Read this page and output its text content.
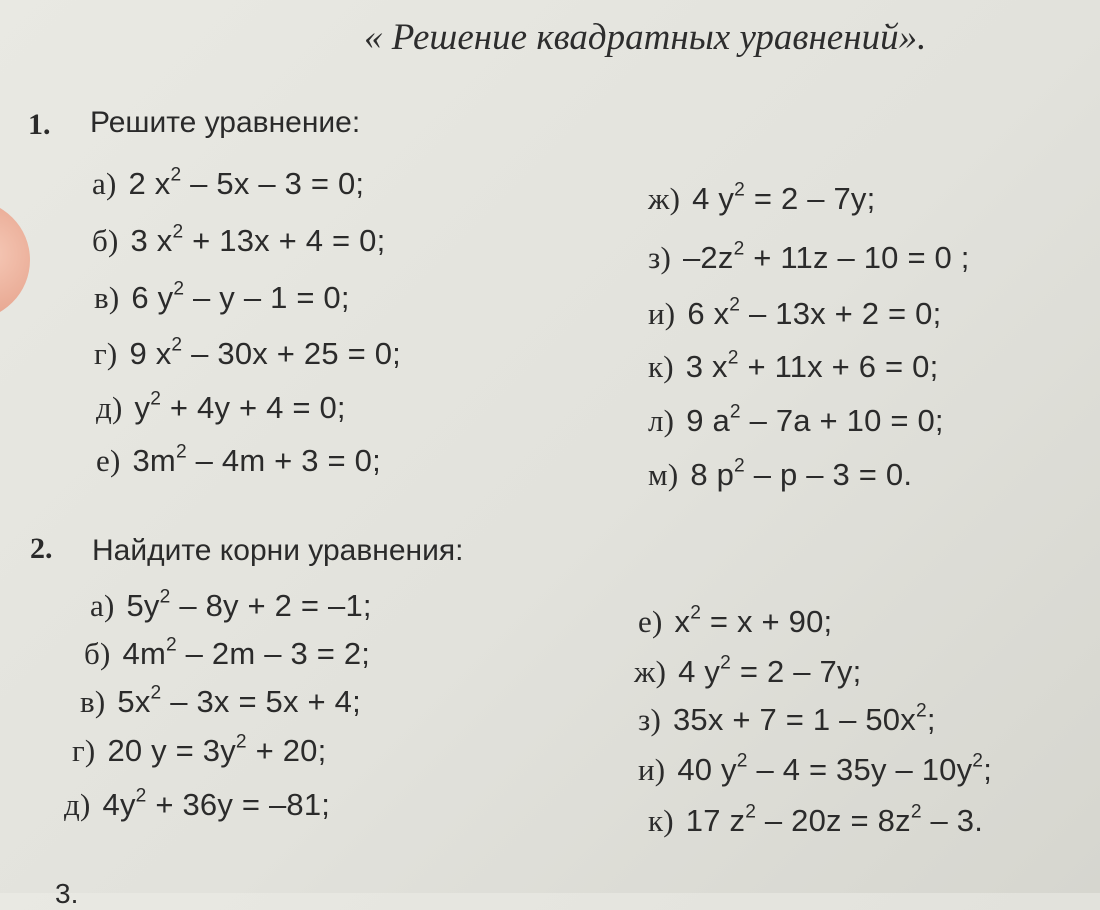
« Решение квадратных уравнений».
1. Решите уравнение:
а) 2 $x^2 - 5x - 3 = 0$;
б) 3 $x^2 + 13x + 4 = 0$;
в) 6 $y^2 - y - 1 = 0$;
г) 9 $x^2 - 30x + 25 = 0$;
д) $y^2 + 4y + 4 = 0$;
е) $3m^2 - 4m + 3 = 0$;
ж) 4 $y^2 = 2 - 7y$;
з) $-2z^2 + 11z - 10 = 0$ ;
и) 6 $x^2 - 13x + 2 = 0$;
к) 3 $x^2 + 11x + 6 = 0$;
л) 9 $a^2 - 7a + 10 = 0$;
м) 8 $p^2 - p - 3 = 0$.
2. Найдите корни уравнения:
а) $5y^2 - 8y + 2 = -1$;
б) $4m^2 - 2m - 3 = 2$;
в) $5x^2 - 3x = 5x + 4$;
г) 20 $y = 3y^2 + 20$;
д) $4y^2 + 36y = -81$;
е) $x^2 = x + 90$;
ж) 4 $y^2 = 2 - 7y$;
з) $35x + 7 = 1 - 50x^2$;
и) 40 $y^2 - 4 = 35y - 10y^2$;
к) 17 $z^2 - 20z = 8z^2 - 3$.
3.
